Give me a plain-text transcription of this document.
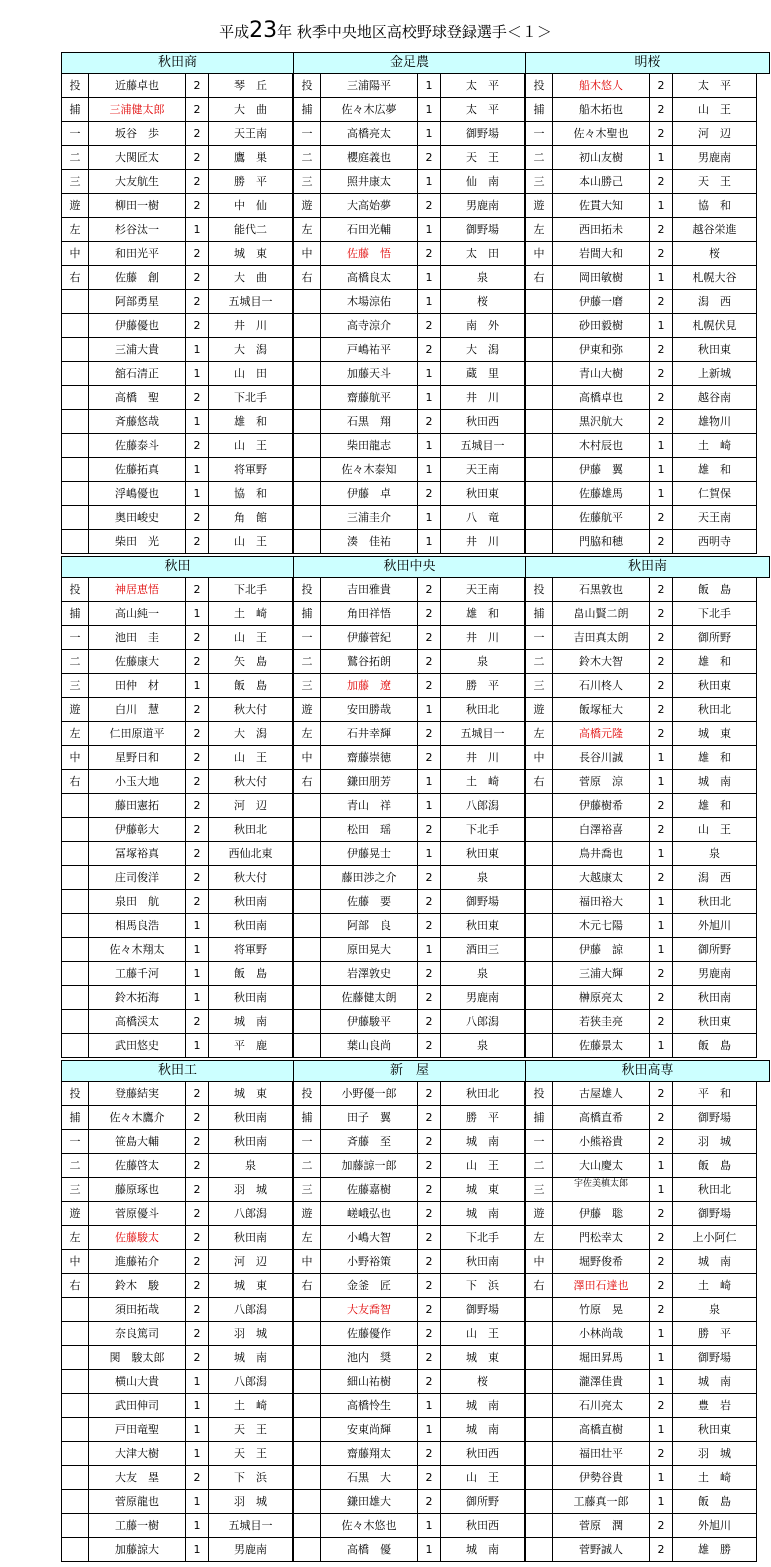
平成23年 秋季中央地区高校野球登録選手＜１＞
秋田商
投	近藤卓也	2	琴　丘
捕	三浦健太郎	2	大　曲
一	坂谷　歩	2	天王南
二	大関匠太	2	鷹　巣
三	大友航生	2	勝　平
遊	柳田一樹	2	中　仙
左	杉谷汰一	1	能代二
中	和田光平	2	城　東
右	佐藤　創	2	大　曲
阿部勇星	2	五城目一
伊藤優也	2	井　川
三浦大貴	1	大　潟
舘石清正	1	山　田
高橋　聖	2	下北手
斉藤悠哉	1	雄　和
佐藤泰斗	2	山　王
佐藤拓真	1	将軍野
浮嶋優也	1	協　和
奥田峻史	2	角　館
柴田　光	2	山　王
金足農
投	三浦陽平	1	太　平
捕	佐々木広夢	1	太　平
一	高橋亮太	1	御野場
二	櫻庭義也	2	天　王
三	照井康太	1	仙　南
遊	大高始夢	2	男鹿南
左	石田光輔	1	御野場
中	佐藤　悟	2	太　田
右	高橋良太	1	泉
木場涼佑	1	桜
高寺涼介	2	南　外
戸嶋祐平	2	大　潟
加藤天斗	1	蔵　里
齋藤航平	1	井　川
石黒　翔	2	秋田西
柴田龍志	1	五城目一
佐々木泰知	1	天王南
伊藤　卓	2	秋田東
三浦圭介	1	八　竜
湊　佳祐	1	井　川
明桜
投	船木悠人	2	太　平
捕	船木拓也	2	山　王
一	佐々木聖也	2	河　辺
二	初山友樹	1	男鹿南
三	本山勝己	2	天　王
遊	佐貫大知	1	協　和
左	西田拓未	2	越谷栄進
中	岩間大和	2	桜
右	岡田敏樹	1	札幌大谷
伊藤一磨	2	潟　西
砂田毅樹	1	札幌伏見
伊東和弥	2	秋田東
青山大樹	2	上新城
高橋卓也	2	越谷南
黒沢航大	2	雄物川
木村辰也	1	土　崎
伊藤　翼	1	雄　和
佐藤雄馬	1	仁賀保
佐藤航平	2	天王南
門脇和穂	2	西明寺
秋田
投	神居恵悟	2	下北手
捕	高山純一	1	土　崎
一	池田　圭	2	山　王
二	佐藤康大	2	矢　島
三	田仲　材	1	飯　島
遊	白川　慧	2	秋大付
左	仁田原道平	2	大　潟
中	星野日和	2	山　王
右	小玉大地	2	秋大付
藤田憲拓	2	河　辺
伊藤彰大	2	秋田北
冨塚裕真	2	西仙北東
庄司俊洋	2	秋大付
泉田　航	2	秋田南
相馬良浩	1	秋田南
佐々木翔太	1	将軍野
工藤千河	1	飯　島
鈴木拓海	1	秋田南
高橋渓太	2	城　南
武田悠史	1	平　鹿
秋田中央
投	吉田雅貴	2	天王南
捕	角田祥悟	2	雄　和
一	伊藤菅紀	2	井　川
二	鷲谷拓朗	2	泉
三	加藤　遼	2	勝　平
遊	安田勝哉	1	秋田北
左	石井幸輝	2	五城目一
中	齋藤崇徳	2	井　川
右	鎌田朋芳	1	土　崎
青山　祥	1	八郎潟
松田　瑶	2	下北手
伊藤晃士	1	秋田東
藤田渉之介	2	泉
佐藤　要	2	御野場
阿部　良	2	秋田東
原田晃大	1	酒田三
岩澤敦史	2	泉
佐藤健太朗	2	男鹿南
伊藤駿平	2	八郎潟
葉山良尚	2	泉
秋田南
投	石黒敦也	2	飯　島
捕	畠山賢二朗	2	下北手
一	吉田真太朗	2	御所野
二	鈴木大智	2	雄　和
三	石川柊人	2	秋田東
遊	飯塚柾大	2	秋田北
左	高橋元隆	2	城　東
中	長谷川誠	1	雄　和
右	菅原　涼	1	城　南
伊藤樹希	2	雄　和
白澤裕喜	2	山　王
鳥井喬也	1	泉
大越康太	2	潟　西
福田裕大	1	秋田北
木元七陽	1	外旭川
伊藤　諒	1	御所野
三浦大輝	2	男鹿南
榊原亮太	2	秋田南
若狭圭亮	2	秋田東
佐藤景太	1	飯　島
秋田工
投	登藤結実	2	城　東
捕	佐々木鷹介	2	秋田南
一	笹島大輔	2	秋田南
二	佐藤啓太	2	泉
三	藤原琢也	2	羽　城
遊	菅原優斗	2	八郎潟
左	佐藤駿太	2	秋田南
中	進藤祐介	2	河　辺
右	鈴木　駿	2	城　東
須田拓哉	2	八郎潟
奈良篤司	2	羽　城
関　駿太郎	2	城　南
横山大貴	1	八郎潟
武田伸司	1	土　崎
戸田竜聖	1	天　王
大津大樹	1	天　王
大友　塁	2	下　浜
菅原龍也	1	羽　城
工藤一樹	1	五城目一
加藤諒大	1	男鹿南
新　屋
投	小野優一郎	2	秋田北
捕	田子　翼	2	勝　平
一	斉藤　至	2	城　南
二	加藤諒一郎	2	山　王
三	佐藤嘉樹	2	城　東
遊	嵯峨弘也	2	城　南
左	小嶋大智	2	下北手
中	小野裕策	2	秋田南
右	金釜　匠	2	下　浜
大友喬智	2	御野場
佐藤優作	2	山　王
池内　奨	2	城　東
細山祐樹	2	桜
高橋怜生	1	城　南
安東尚輝	1	城　南
齋藤翔太	2	秋田西
石黒　大	2	山　王
鎌田雄大	2	御所野
佐々木悠也	1	秋田西
高橋　優	1	城　南
秋田高専
投	古屋雄人	2	平　和
捕	高橋直希	2	御野場
一	小熊裕貴	2	羽　城
二	大山慶太	1	飯　島
三	宇佐美槙太郎	1	秋田北
遊	伊藤　聡	2	御野場
左	門松幸太	2	上小阿仁
中	堀野俊希	2	城　南
右	澤田石達也	2	土　崎
竹原　晃	2	泉
小林尚哉	1	勝　平
堀田昇馬	1	御野場
瀧澤佳貴	1	城　南
石川亮太	2	豊　岩
高橋直樹	1	秋田東
福田壮平	2	羽　城
伊勢谷貴	1	土　崎
工藤真一郎	1	飯　島
菅原　潤	2	外旭川
菅野誠人	2	雄　勝
